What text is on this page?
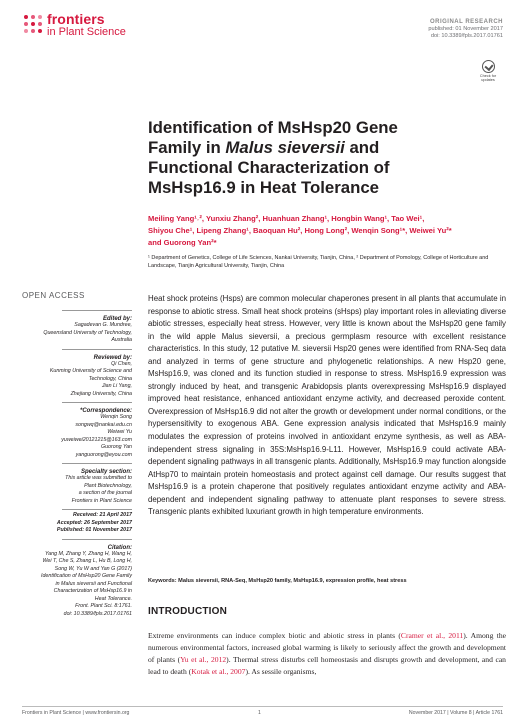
frontiers
in Plant Science
ORIGINAL RESEARCH
published: 01 November 2017
doi: 10.3389/fpls.2017.01761
Check for
updates
Identification of MsHsp20 Gene
Family in Malus sieversii and
Functional Characterization of
MsHsp16.9 in Heat Tolerance
Meiling Yang¹˒², Yunxiu Zhang², Huanhuan Zhang¹, Hongbin Wang¹, Tao Wei¹,
Shiyou Che¹, Lipeng Zhang¹, Baoquan Hu², Hong Long², Wenqin Song¹*, Weiwei Yu²*
and Guorong Yan²*
¹ Department of Genetics, College of Life Sciences, Nankai University, Tianjin, China, ² Department of Pomology, College of Horticulture and Landscape, Tianjin Agricultural University, Tianjin, China
OPEN ACCESS
Edited by:
Sagadevan G. Mundree,
Queensland University of Technology,
Australia
Reviewed by:
Qi Chen,
Kunming University of Science and
Technology, China
Jian Li Yang,
Zhejiang University, China
*Correspondence:
Wenqin Song
songwq@nankai.edu.cn
Weiwei Yu
yuweiwei20121215@163.com
Guorong Yan
yanguorong@eyou.com
Specialty section:
This article was submitted to
Plant Biotechnology,
a section of the journal
Frontiers in Plant Science
Received: 21 April 2017
Accepted: 26 September 2017
Published: 01 November 2017
Citation:
Yang M, Zhang Y, Zhang H, Wang H,
Wei T, Che S, Zhang L, Hu B, Long H,
Song W, Yu W and Yan G (2017)
Identification of MsHsp20 Gene Family
in Malus sieversii and Functional
Characterization of MsHsp16.9 in
Heat Tolerance.
Front. Plant Sci. 8:1761.
doi: 10.3389/fpls.2017.01761

Heat shock proteins (Hsps) are common molecular chaperones present in all plants that accumulate in response to abiotic stress. Small heat shock proteins (sHsps) play important roles in alleviating diverse abiotic stresses, especially heat stress. However, very little is known about the MsHsp20 gene family in the wild apple Malus sieversii, a precious germplasm resource with excellent resistance characteristics. In this study, 12 putative M. sieversii Hsp20 genes were identified from RNA-Seq data and analyzed in terms of gene structure and phylogenetic relationships. A new Hsp20 gene, MsHsp16.9, was cloned and its function studied in response to stress. MsHsp16.9 expression was strongly induced by heat, and transgenic Arabidopsis plants overexpressing MsHsp16.9 displayed improved heat resistance, enhanced antioxidant enzyme activity, and decreased peroxide content. Overexpression of MsHsp16.9 did not alter the growth or development under normal conditions, or the hypersensitivity to exogenous ABA. Gene expression analysis indicated that MsHsp16.9 mainly modulates the expression of proteins involved in antioxidant enzyme synthesis, as well as ABA-independent stress signaling in 35S:MsHsp16.9-L11. However, MsHsp16.9 could activate ABA-dependent signaling pathways in all transgenic plants. Additionally, MsHsp16.9 may function alongside AtHsp70 to maintain protein homeostasis and protect against cell damage. Our results suggest that MsHsp16.9 is a protein chaperone that positively regulates antioxidant enzyme activity and ABA-dependent and independent signaling pathway to attenuate plant responses to severe stress. Transgenic plants exhibited luxuriant growth in high temperature environments.

Keywords: Malus sieversii, RNA-Seq, MsHsp20 family, MsHsp16.9, expression profile, heat stress
INTRODUCTION
Extreme environments can induce complex biotic and abiotic stress in plants (Cramer et al., 2011). Among the numerous environmental factors, increased global warming is likely to seriously affect the growth and development of plants (Yu et al., 2012). Thermal stress disturbs cell homeostasis and disrupts growth and development, and can lead to death (Kotak et al., 2007). As sessile organisms,
Frontiers in Plant Science | www.frontiersin.org	1	November 2017 | Volume 8 | Article 1761
